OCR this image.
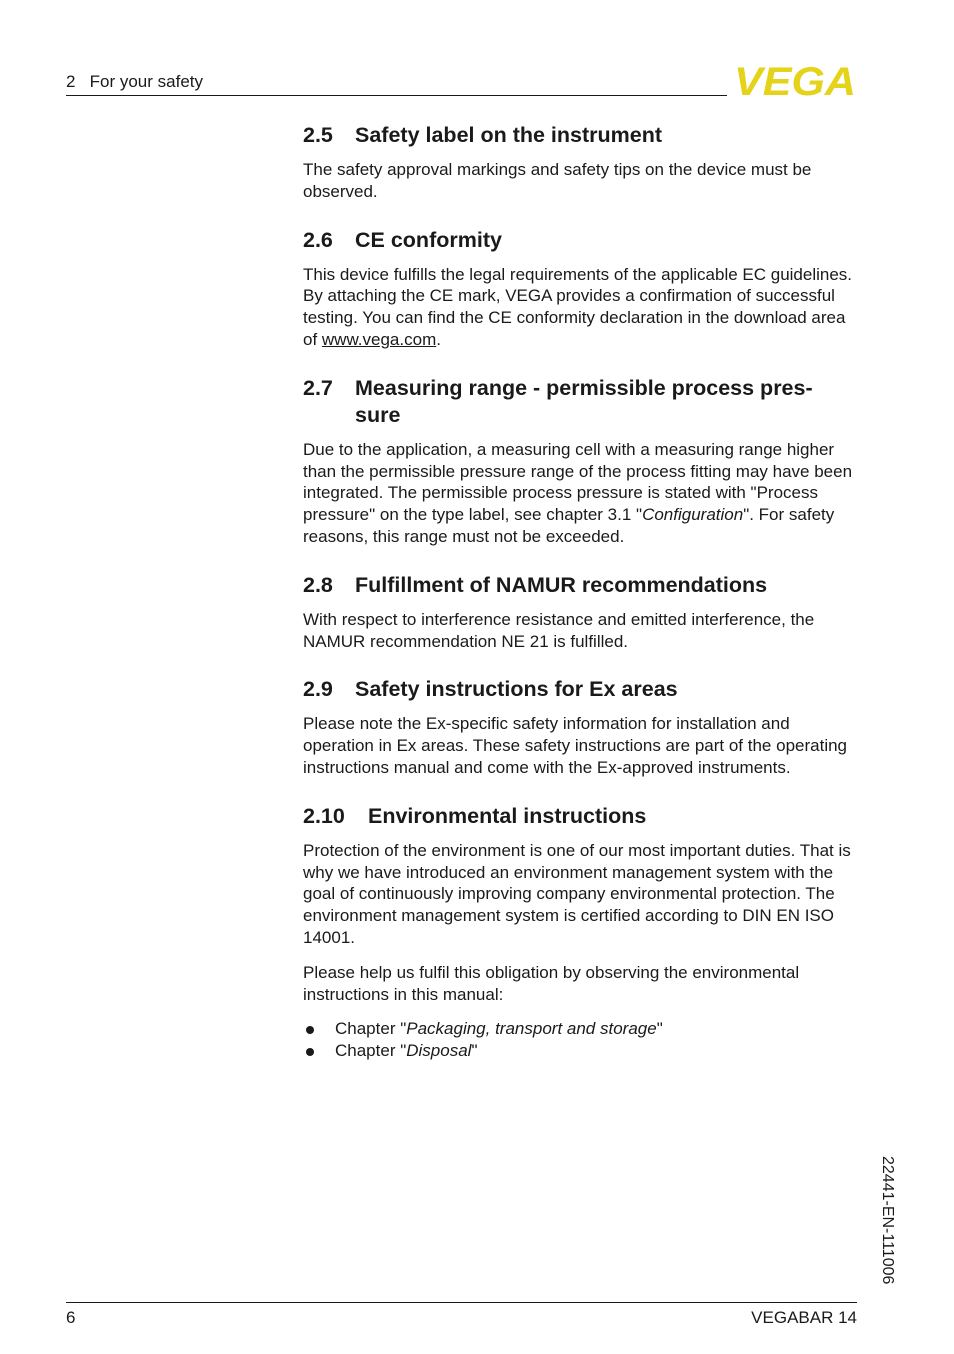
2   For your safety	VEGA
2.5	Safety label on the instrument

The safety approval markings and safety tips on the device must be observed.

2.6	CE conformity

This device fulfills the legal requirements of the applicable EC guidelines. By attaching the CE mark, VEGA provides a confirmation of successful testing. You can find the CE conformity declaration in the download area of www.vega.com.

2.7	Measuring range - permissible process pres-
sure

Due to the application, a measuring cell with a measuring range higher than the permissible pressure range of the process fitting may have been integrated. The permissible process pressure is stated with "Process pressure" on the type label, see chapter 3.1 "Configuration". For safety reasons, this range must not be exceeded.

2.8	Fulfillment of NAMUR recommendations

With respect to interference resistance and emitted interference, the NAMUR recommendation NE 21 is fulfilled.

2.9	Safety instructions for Ex areas

Please note the Ex-specific safety information for installation and operation in Ex areas. These safety instructions are part of the operating instructions manual and come with the Ex-approved instruments.

2.10	Environmental instructions

Protection of the environment is one of our most important duties. That is why we have introduced an environment management system with the goal of continuously improving company environmental protection. The environment management system is certified according to DIN EN ISO 14001.

Please help us fulfil this obligation by observing the environmental instructions in this manual:

Chapter "Packaging, transport and storage"
Chapter "Disposal"
22441-EN-111006
6	VEGABAR 14
